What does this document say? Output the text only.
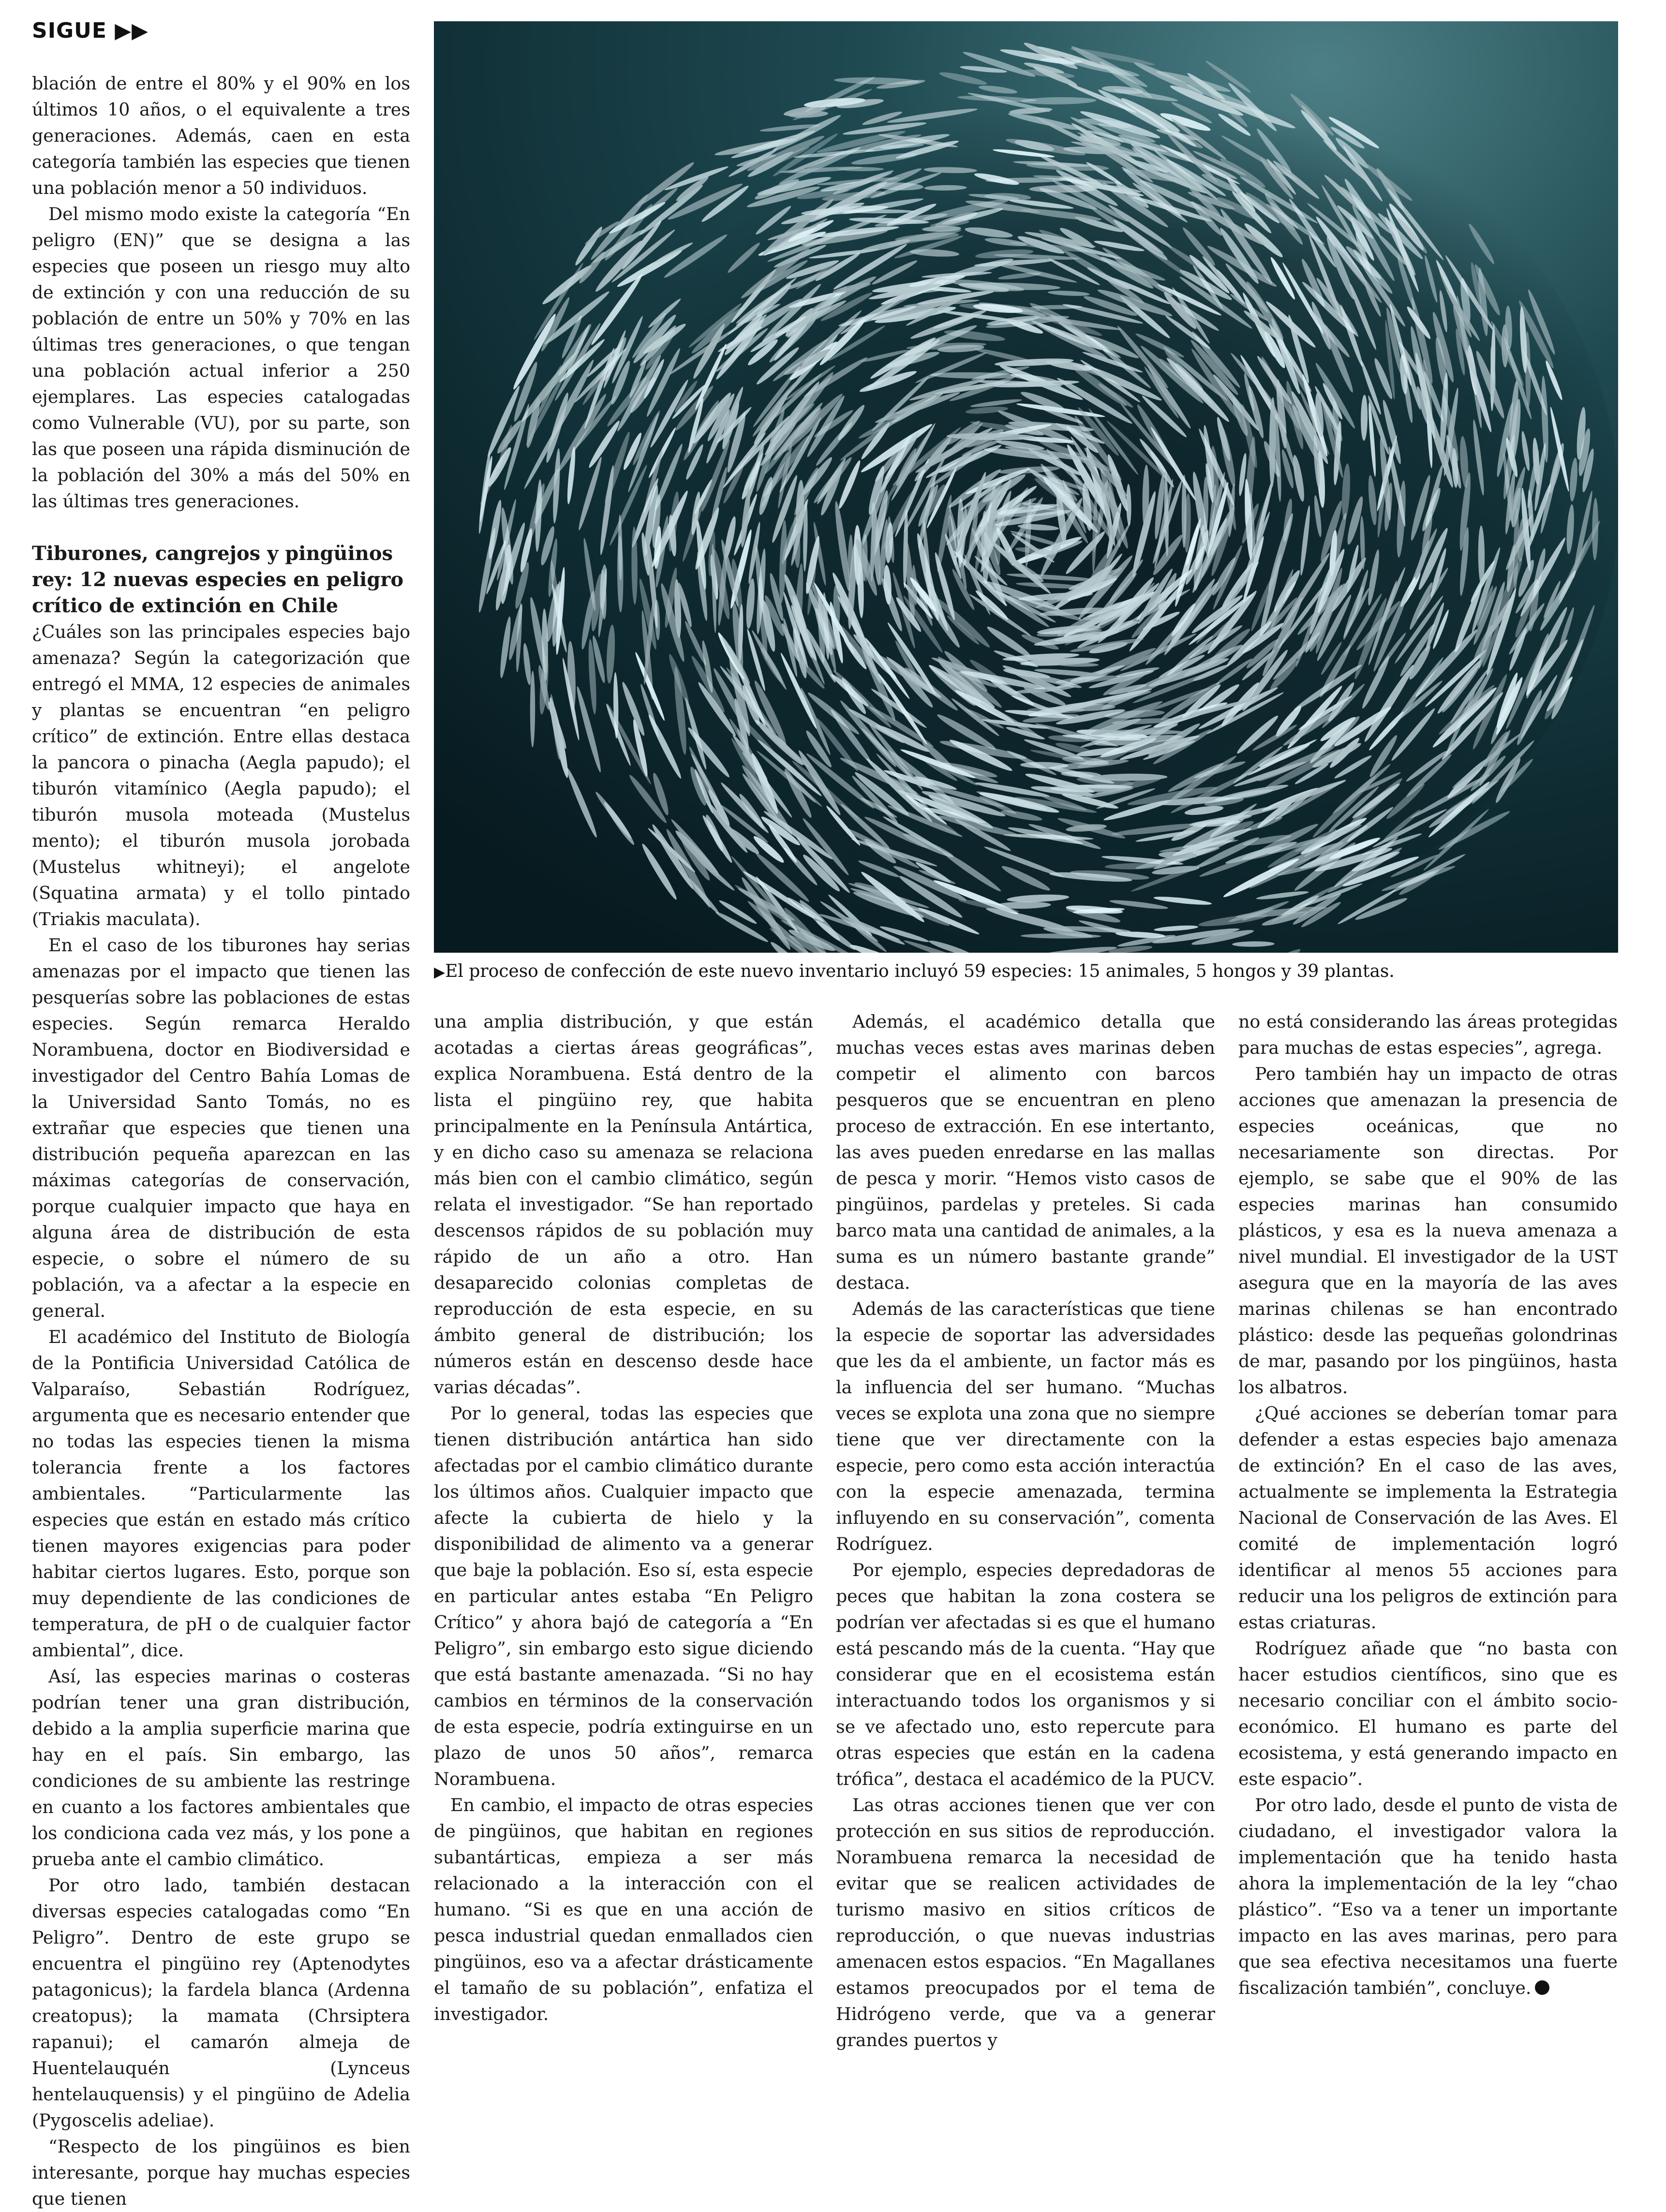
SIGUE ▶▶

blación de entre el 80% y el 90% en los últimos 10 años, o el equivalente a tres generaciones. Además, caen en esta categoría también las especies que tienen una población menor a 50 individuos.

Del mismo modo existe la categoría “En peligro (EN)” que se designa a las especies que poseen un riesgo muy alto de extinción y con una reducción de su población de entre un 50% y 70% en las últimas tres generaciones, o que tengan una población actual inferior a 250 ejemplares. Las especies catalogadas como Vulnerable (VU), por su parte, son las que poseen una rápida disminución de la población del 30% a más del 50% en las últimas tres generaciones.

Tiburones, cangrejos y pingüinos rey: 12 nuevas especies en peligro crítico de extinción en Chile

¿Cuáles son las principales especies bajo amenaza? Según la categorización que entregó el MMA, 12 especies de animales y plantas se encuentran “en peligro crítico” de extinción. Entre ellas destaca la pancora o pinacha (Aegla papudo); el tiburón vitamínico (Aegla papudo); el tiburón musola moteada (Mustelus mento); el tiburón musola jorobada (Mustelus whitneyi); el angelote (Squatina armata) y el tollo pintado (Triakis maculata).

En el caso de los tiburones hay serias amenazas por el impacto que tienen las pesquerías sobre las poblaciones de estas especies. Según remarca Heraldo Norambuena, doctor en Biodiversidad e investigador del Centro Bahía Lomas de la Universidad Santo Tomás, no es extrañar que especies que tienen una distribución pequeña aparezcan en las máximas categorías de conservación, porque cualquier impacto que haya en alguna área de distribución de esta especie, o sobre el número de su población, va a afectar a la especie en general.

El académico del Instituto de Biología de la Pontificia Universidad Católica de Valparaíso, Sebastián Rodríguez, argumenta que es necesario entender que no todas las especies tienen la misma tolerancia frente a los factores ambientales. “Particularmente las especies que están en estado más crítico tienen mayores exigencias para poder habitar ciertos lugares. Esto, porque son muy dependiente de las condiciones de temperatura, de pH o de cualquier factor ambiental”, dice.

Así, las especies marinas o costeras podrían tener una gran distribución, debido a la amplia superficie marina que hay en el país. Sin embargo, las condiciones de su ambiente las restringe en cuanto a los factores ambientales que los condiciona cada vez más, y los pone a prueba ante el cambio climático.

Por otro lado, también destacan diversas especies catalogadas como “En Peligro”. Dentro de este grupo se encuentra el pingüino rey (Aptenodytes patagonicus); la fardela blanca (Ardenna creatopus); la mamata (Chrsiptera rapanui); el camarón almeja de Huentelauquén (Lynceus hentelauquensis) y el pingüino de Adelia (Pygoscelis adeliae).

“Respecto de los pingüinos es bien interesante, porque hay muchas especies que tienen

▶El proceso de confección de este nuevo inventario incluyó 59 especies: 15 animales, 5 hongos y 39 plantas.

una amplia distribución, y que están acotadas a ciertas áreas geográficas”, explica Norambuena. Está dentro de la lista el pingüino rey, que habita principalmente en la Península Antártica, y en dicho caso su amenaza se relaciona más bien con el cambio climático, según relata el investigador. “Se han reportado descensos rápidos de su población muy rápido de un año a otro. Han desaparecido colonias completas de reproducción de esta especie, en su ámbito general de distribución; los números están en descenso desde hace varias décadas”.

Por lo general, todas las especies que tienen distribución antártica han sido afectadas por el cambio climático durante los últimos años. Cualquier impacto que afecte la cubierta de hielo y la disponibilidad de alimento va a generar que baje la población. Eso sí, esta especie en particular antes estaba “En Peligro Crítico” y ahora bajó de categoría a “En Peligro”, sin embargo esto sigue diciendo que está bastante amenazada. “Si no hay cambios en términos de la conservación de esta especie, podría extinguirse en un plazo de unos 50 años”, remarca Norambuena.

En cambio, el impacto de otras especies de pingüinos, que habitan en regiones subantárticas, empieza a ser más relacionado a la interacción con el humano. “Si es que en una acción de pesca industrial quedan enmallados cien pingüinos, eso va a afectar drásticamente el tamaño de su población”, enfatiza el investigador.

Además, el académico detalla que muchas veces estas aves marinas deben competir el alimento con barcos pesqueros que se encuentran en pleno proceso de extracción. En ese intertanto, las aves pueden enredarse en las mallas de pesca y morir. “Hemos visto casos de pingüinos, pardelas y preteles. Si cada barco mata una cantidad de animales, a la suma es un número bastante grande” destaca.

Además de las características que tiene la especie de soportar las adversidades que les da el ambiente, un factor más es la influencia del ser humano. “Muchas veces se explota una zona que no siempre tiene que ver directamente con la especie, pero como esta acción interactúa con la especie amenazada, termina influyendo en su conservación”, comenta Rodríguez.

Por ejemplo, especies depredadoras de peces que habitan la zona costera se podrían ver afectadas si es que el humano está pescando más de la cuenta. “Hay que considerar que en el ecosistema están interactuando todos los organismos y si se ve afectado uno, esto repercute para otras especies que están en la cadena trófica”, destaca el académico de la PUCV.

Las otras acciones tienen que ver con protección en sus sitios de reproducción. Norambuena remarca la necesidad de evitar que se realicen actividades de turismo masivo en sitios críticos de reproducción, o que nuevas industrias amenacen estos espacios. “En Magallanes estamos preocupados por el tema de Hidrógeno verde, que va a generar grandes puertos y

no está considerando las áreas protegidas para muchas de estas especies”, agrega.

Pero también hay un impacto de otras acciones que amenazan la presencia de especies oceánicas, que no necesariamente son directas. Por ejemplo, se sabe que el 90% de las especies marinas han consumido plásticos, y esa es la nueva amenaza a nivel mundial. El investigador de la UST asegura que en la mayoría de las aves marinas chilenas se han encontrado plástico: desde las pequeñas golondrinas de mar, pasando por los pingüinos, hasta los albatros.

¿Qué acciones se deberían tomar para defender a estas especies bajo amenaza de extinción? En el caso de las aves, actualmente se implementa la Estrategia Nacional de Conservación de las Aves. El comité de implementación logró identificar al menos 55 acciones para reducir una los peligros de extinción para estas criaturas.

Rodríguez añade que “no basta con hacer estudios científicos, sino que es necesario conciliar con el ámbito socio-económico. El humano es parte del ecosistema, y está generando impacto en este espacio”.

Por otro lado, desde el punto de vista de ciudadano, el investigador valora la implementación que ha tenido hasta ahora la implementación de la ley “chao plástico”. “Eso va a tener un importante impacto en las aves marinas, pero para que sea efectiva necesitamos una fuerte fiscalización también”, concluye.
